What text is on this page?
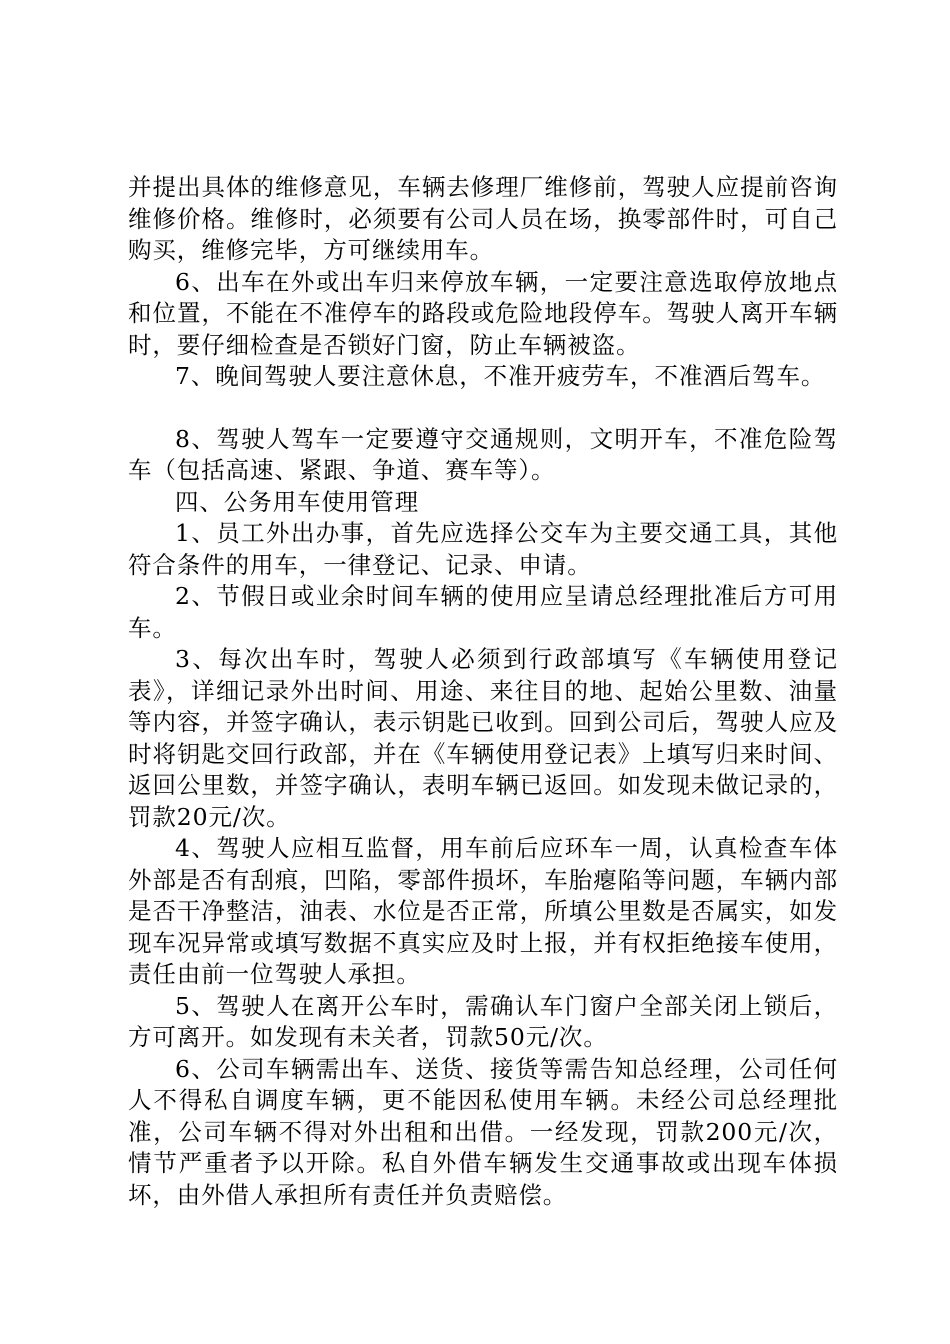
并提出具体的维修意见，车辆去修理厂维修前，驾驶人应提前咨询维修价格。维修时，必须要有公司人员在场，换零部件时，可自己购买，维修完毕，方可继续用车。

6、出车在外或出车归来停放车辆，一定要注意选取停放地点和位置，不能在不准停车的路段或危险地段停车。驾驶人离开车辆时，要仔细检查是否锁好门窗，防止车辆被盗。

7、晚间驾驶人要注意休息，不准开疲劳车，不准酒后驾车。

8、驾驶人驾车一定要遵守交通规则，文明开车，不准危险驾车（包括高速、紧跟、争道、赛车等）。

四、公务用车使用管理

1、员工外出办事，首先应选择公交车为主要交通工具，其他符合条件的用车，一律登记、记录、申请。

2、节假日或业余时间车辆的使用应呈请总经理批准后方可用车。

3、每次出车时，驾驶人必须到行政部填写《车辆使用登记表》，详细记录外出时间、用途、来往目的地、起始公里数、油量等内容，并签字确认，表示钥匙已收到。回到公司后，驾驶人应及时将钥匙交回行政部，并在《车辆使用登记表》上填写归来时间、返回公里数，并签字确认，表明车辆已返回。如发现未做记录的，罚款20元/次。

4、驾驶人应相互监督，用车前后应环车一周，认真检查车体外部是否有刮痕，凹陷，零部件损坏，车胎瘪陷等问题，车辆内部是否干净整洁，油表、水位是否正常，所填公里数是否属实，如发现车况异常或填写数据不真实应及时上报，并有权拒绝接车使用，责任由前一位驾驶人承担。

5、驾驶人在离开公车时，需确认车门窗户全部关闭上锁后，方可离开。如发现有未关者，罚款50元/次。

6、公司车辆需出车、送货、接货等需告知总经理，公司任何人不得私自调度车辆，更不能因私使用车辆。未经公司总经理批准，公司车辆不得对外出租和出借。一经发现，罚款200元/次，情节严重者予以开除。私自外借车辆发生交通事故或出现车体损坏，由外借人承担所有责任并负责赔偿。
